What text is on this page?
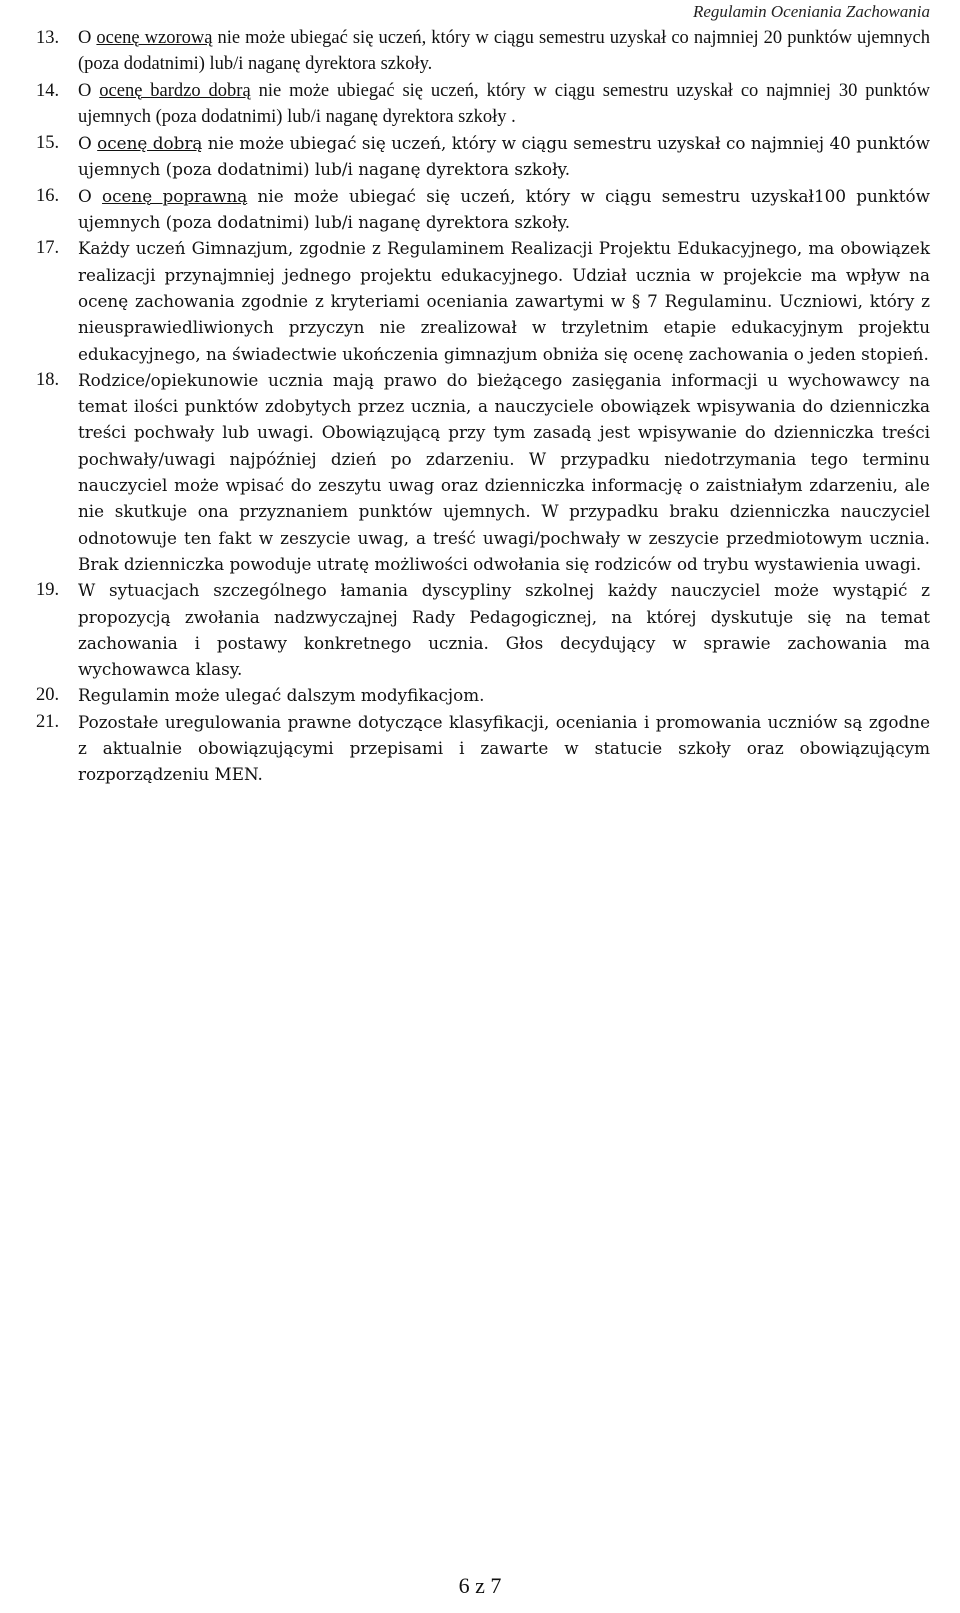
Regulamin Oceniania Zachowania
13.	O ocenę wzorową nie może ubiegać się uczeń, który w ciągu semestru uzyskał co najmniej 20 punktów ujemnych (poza dodatnimi) lub/i naganę dyrektora szkoły.
14.	O ocenę bardzo dobrą nie może ubiegać się uczeń, który w ciągu semestru uzyskał co najmniej 30 punktów ujemnych (poza dodatnimi) lub/i naganę dyrektora szkoły .
15.	O ocenę dobrą nie może ubiegać się uczeń, który w ciągu semestru uzyskał co najmniej 40 punktów ujemnych (poza dodatnimi) lub/i naganę dyrektora szkoły.
16.	O ocenę poprawną nie może ubiegać się uczeń, który w ciągu semestru uzyskał100 punktów ujemnych (poza dodatnimi) lub/i naganę dyrektora szkoły.
17.	Każdy uczeń Gimnazjum, zgodnie z Regulaminem Realizacji Projektu Edukacyjnego, ma obowiązek realizacji przynajmniej jednego projektu edukacyjnego. Udział ucznia w projekcie ma wpływ na ocenę zachowania zgodnie z kryteriami oceniania zawartymi w § 7 Regulaminu. Uczniowi, który z nieusprawiedliwionych przyczyn nie zrealizował w trzyletnim etapie edukacyjnym projektu edukacyjnego, na świadectwie ukończenia gimnazjum obniża się ocenę zachowania o jeden stopień.
18.	Rodzice/opiekunowie ucznia mają prawo do bieżącego zasięgania informacji u wychowawcy na temat ilości punktów zdobytych przez ucznia, a nauczyciele obowiązek wpisywania do dzienniczka treści pochwały lub uwagi. Obowiązującą przy tym zasadą jest wpisywanie do dzienniczka treści pochwały/uwagi najpóźniej dzień po zdarzeniu. W przypadku niedotrzymania tego terminu nauczyciel może wpisać do zeszytu uwag oraz dzienniczka informację o zaistniałym zdarzeniu, ale nie skutkuje ona przyznaniem punktów ujemnych. W przypadku braku dzienniczka nauczyciel odnotowuje ten fakt w zeszycie uwag, a treść uwagi/pochwały w zeszycie przedmiotowym ucznia. Brak dzienniczka powoduje utratę możliwości odwołania się rodziców od trybu wystawienia uwagi.
19.	W sytuacjach szczególnego łamania dyscypliny szkolnej każdy nauczyciel może wystąpić z propozycją zwołania nadzwyczajnej Rady Pedagogicznej, na której dyskutuje się na temat zachowania i postawy konkretnego ucznia. Głos decydujący w sprawie zachowania ma wychowawca klasy.
20.	Regulamin może ulegać dalszym modyfikacjom.
21.	Pozostałe uregulowania prawne dotyczące klasyfikacji, oceniania i promowania uczniów są zgodne z aktualnie obowiązującymi przepisami i zawarte w statucie szkoły oraz obowiązującym rozporządzeniu MEN.
6 z 7
